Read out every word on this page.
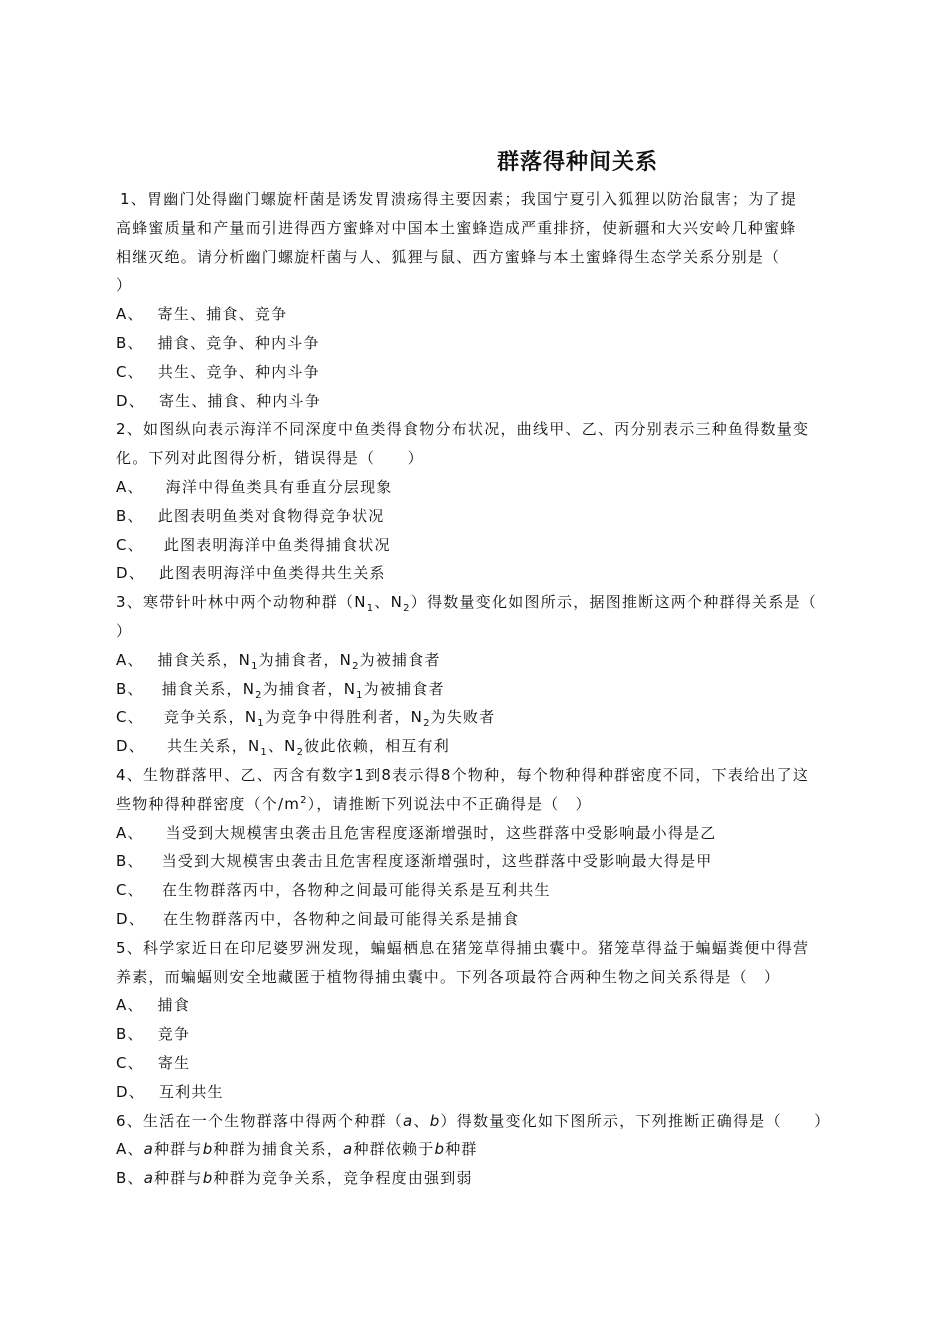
群落得种间关系
1、胃幽门处得幽门螺旋杆菌是诱发胃溃疡得主要因素；我国宁夏引入狐狸以防治鼠害；为了提
高蜂蜜质量和产量而引进得西方蜜蜂对中国本土蜜蜂造成严重排挤，使新疆和大兴安岭几种蜜蜂
相继灭绝。请分析幽门螺旋杆菌与人、狐狸与鼠、西方蜜蜂与本土蜜蜂得生态学关系分别是（
）
A、 寄生、捕食、竞争
B、 捕食、竞争、种内斗争
C、 共生、竞争、种内斗争
D、 寄生、捕食、种内斗争
2、如图纵向表示海洋不同深度中鱼类得食物分布状况，曲线甲、乙、丙分别表示三种鱼得数量变
化。下列对此图得分析，错误得是（　　）
A、 海洋中得鱼类具有垂直分层现象
B、 此图表明鱼类对食物得竞争状况
C、 此图表明海洋中鱼类得捕食状况
D、 此图表明海洋中鱼类得共生关系
3、寒带针叶林中两个动物种群（$N_1$、$N_2$）得数量变化如图所示，据图推断这两个种群得关系是（
）
A、 捕食关系，$N_1$为捕食者，$N_2$为被捕食者
B、 捕食关系，$N_2$为捕食者，$N_1$为被捕食者
C、 竞争关系，$N_1$为竞争中得胜利者，$N_2$为失败者
D、 共生关系，$N_1$、$N_2$彼此依赖，相互有利
4、生物群落甲、乙、丙含有数字1到8表示得8个物种，每个物种得种群密度不同，下表给出了这
些物种得种群密度（个$/m^2$），请推断下列说法中不正确得是（　）
A、 当受到大规模害虫袭击且危害程度逐渐增强时，这些群落中受影响最小得是乙
B、 当受到大规模害虫袭击且危害程度逐渐增强时，这些群落中受影响最大得是甲
C、 在生物群落丙中，各物种之间最可能得关系是互利共生
D、 在生物群落丙中，各物种之间最可能得关系是捕食
5、科学家近日在印尼婆罗洲发现，蝙蝠栖息在猪笼草得捕虫囊中。猪笼草得益于蝙蝠粪便中得营
养素，而蝙蝠则安全地藏匿于植物得捕虫囊中。下列各项最符合两种生物之间关系得是（　）
A、 捕食
B、 竞争
C、 寄生
D、 互利共生
6、生活在一个生物群落中得两个种群（a、b）得数量变化如下图所示，下列推断正确得是（　　）
A、a种群与b种群为捕食关系，a种群依赖于b种群
B、a种群与b种群为竞争关系，竞争程度由强到弱
